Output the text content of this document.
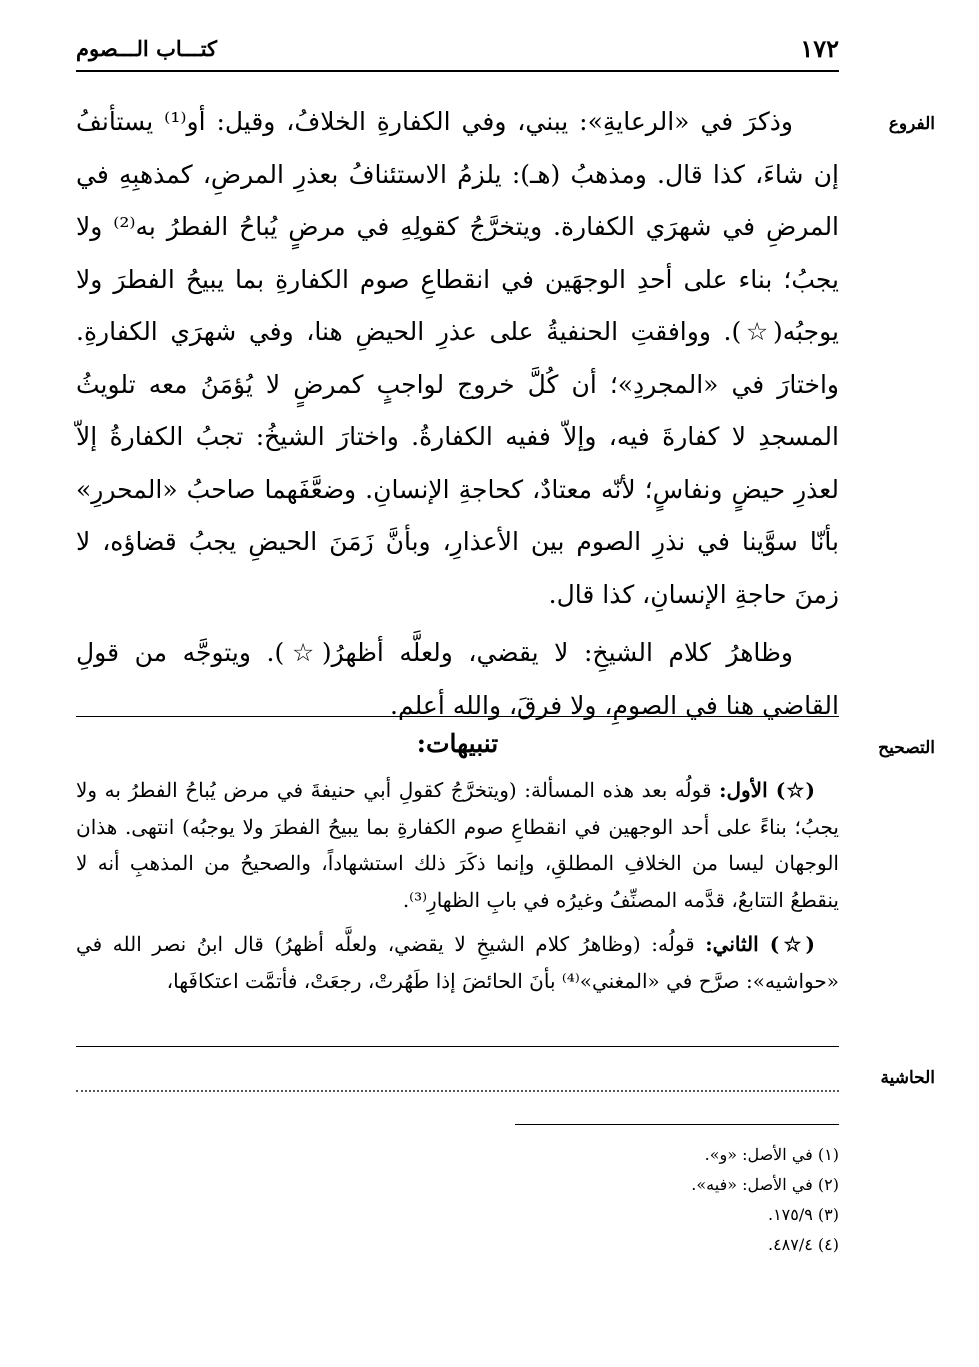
١٧٢
كتـــاب الـــصوم
الفروع

وذكرَ في «الرعايةِ»: يبني، وفي الكفارةِ الخلافُ، وقيل: أو⁽¹⁾ يستأنفُ إن شاءَ، كذا قال. ومذهبُ (هـ): يلزمُ الاستئنافُ بعذرِ المرضِ، كمذهبِهِ في المرضِ في شهرَي الكفارة. ويتخرَّجُ كقولِهِ في مرضٍ يُباحُ الفطرُ به⁽²⁾ ولا يجبُ؛ بناء على أحدِ الوجهَين في انقطاعِ صوم الكفارةِ بما يبيحُ الفطرَ ولا يوجبُه(☆). ووافقتِ الحنفيةُ على عذرِ الحيضِ هنا، وفي شهرَي الكفارةِ. واختارَ في «المجردِ»؛ أن كُلَّ خروج لواجبٍ كمرضٍ لا يُؤمَنُ معه تلويثُ المسجدِ لا كفارةَ فيه، وإلاّ ففيه الكفارةُ. واختارَ الشيخُ: تجبُ الكفارةُ إلاّ لعذرِ حيضٍ ونفاسٍ؛ لأنّه معتادٌ، كحاجةِ الإنسانِ. وضعَّفَهما صاحبُ «المحررِ» بأنّا سوَّينا في نذرِ الصوم بين الأعذارِ، وبأنَّ زَمَنَ الحيضِ يجبُ قضاؤه، لا زمنَ حاجةِ الإنسانِ، كذا قال.

وظاهرُ كلام الشيخِ: لا يقضي، ولعلَّه أظهرُ(☆). ويتوجَّه من قولِ القاضي هنا في الصومِ، ولا فرقَ، والله أعلم.

التصحيح
تنبيهات:

(☆) الأول: قولُه بعد هذه المسألة: (ويتخرَّجُ كقولِ أبي حنيفةَ في مرض يُباحُ الفطرُ به ولا يجبُ؛ بناءً على أحد الوجهين في انقطاعِ صوم الكفارةِ بما يبيحُ الفطرَ ولا يوجبُه) انتهى. هذان الوجهان ليسا من الخلافِ المطلقِ، وإنما ذكَرَ ذلك استشهاداً، والصحيحُ من المذهبِ أنه لا ينقطعُ التتابعُ، قدَّمه المصنِّفُ وغيرُه في بابِ الظهارِ⁽³⁾.

(☆) الثاني: قولُه: (وظاهرُ كلام الشيخِ لا يقضي، ولعلَّه أظهرُ) قال ابنُ نصر الله في «حواشيه»: صرَّح في «المغني»⁽⁴⁾ بأنَ الحائضَ إذا طَهُرتْ، رجعَتْ، فأتمَّت اعتكافَها،

الحاشية
(١) في الأصل: «و».
(٢) في الأصل: «فيه».
(٣) ١٧٥/٩.
(٤) ٤٨٧/٤.
